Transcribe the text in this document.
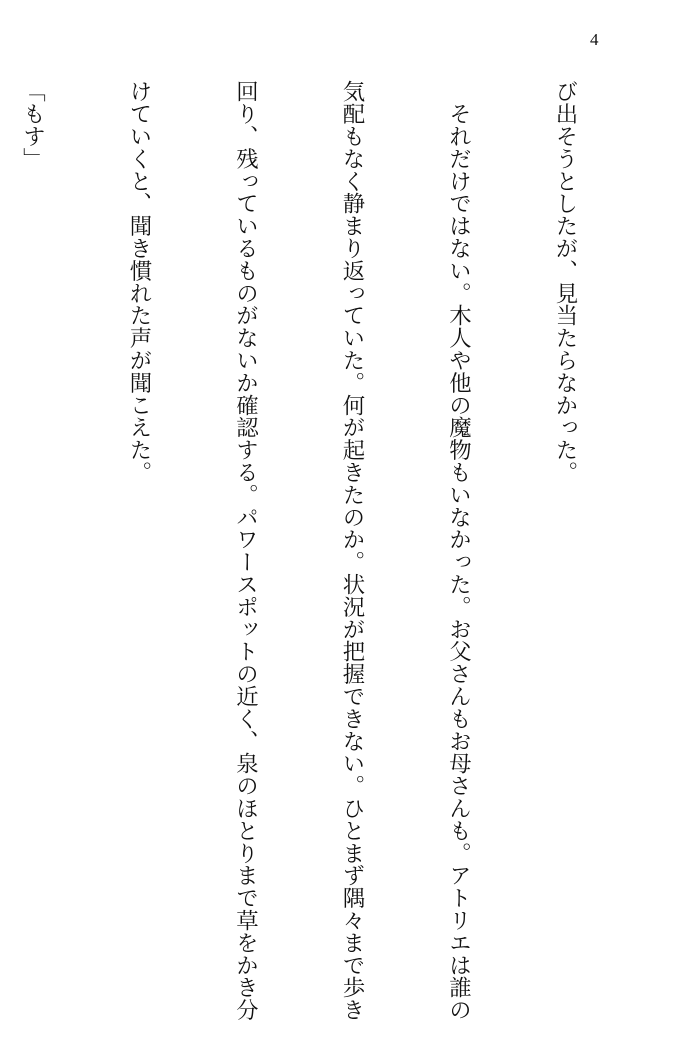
4

び出そうとしたが、見当たらなかった。

　それだけではない。木人や他の魔物もいなかった。お父さんもお母さんも。アトリエは誰の

気配もなく静まり返っていた。何が起きたのか。状況が把握できない。ひとまず隅々まで歩き

回り、残っているものがないか確認する。パワースポットの近く、泉のほとりまで草をかき分

けていくと、聞き慣れた声が聞こえた。

「もす」
